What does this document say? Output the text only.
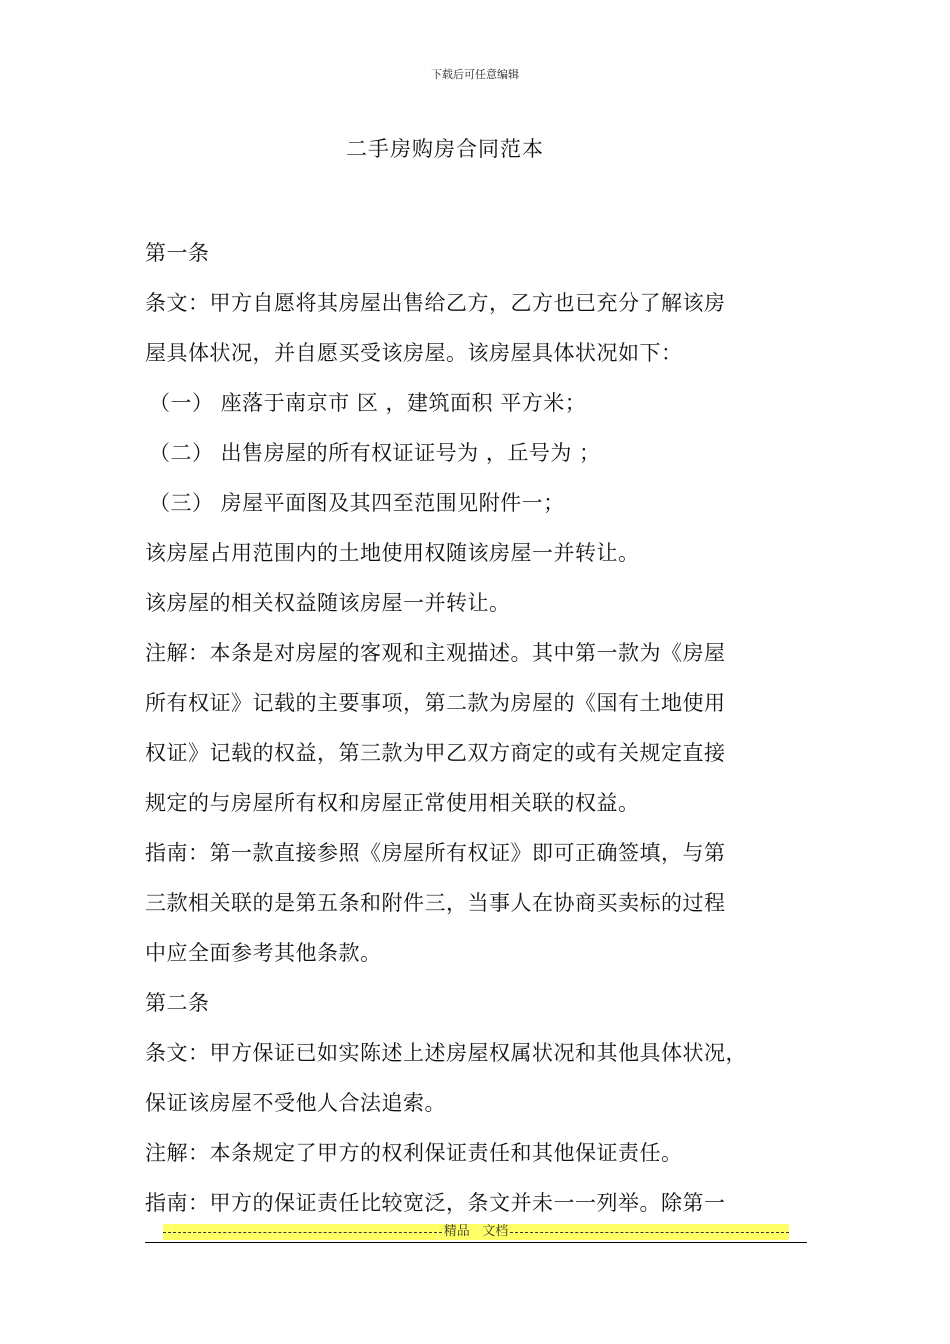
下载后可任意编辑
二手房购房合同范本
第一条
条文：甲方自愿将其房屋出售给乙方，乙方也已充分了解该房
屋具体状况，并自愿买受该房屋。该房屋具体状况如下：
（一） 座落于南京市 区 ，建筑面积 平方米；
（二） 出售房屋的所有权证证号为 ，丘号为 ；
（三） 房屋平面图及其四至范围见附件一；
该房屋占用范围内的土地使用权随该房屋一并转让。
该房屋的相关权益随该房屋一并转让。
注解：本条是对房屋的客观和主观描述。其中第一款为《房屋
所有权证》记载的主要事项，第二款为房屋的《国有土地使用
权证》记载的权益，第三款为甲乙双方商定的或有关规定直接
规定的与房屋所有权和房屋正常使用相关联的权益。
指南：第一款直接参照《房屋所有权证》即可正确签填，与第
三款相关联的是第五条和附件三，当事人在协商买卖标的过程
中应全面参考其他条款。
第二条
条文：甲方保证已如实陈述上述房屋权属状况和其他具体状况，
保证该房屋不受他人合法追索。
注解：本条规定了甲方的权利保证责任和其他保证责任。
指南：甲方的保证责任比较宽泛，条文并未一一列举。除第一
精品   文档
